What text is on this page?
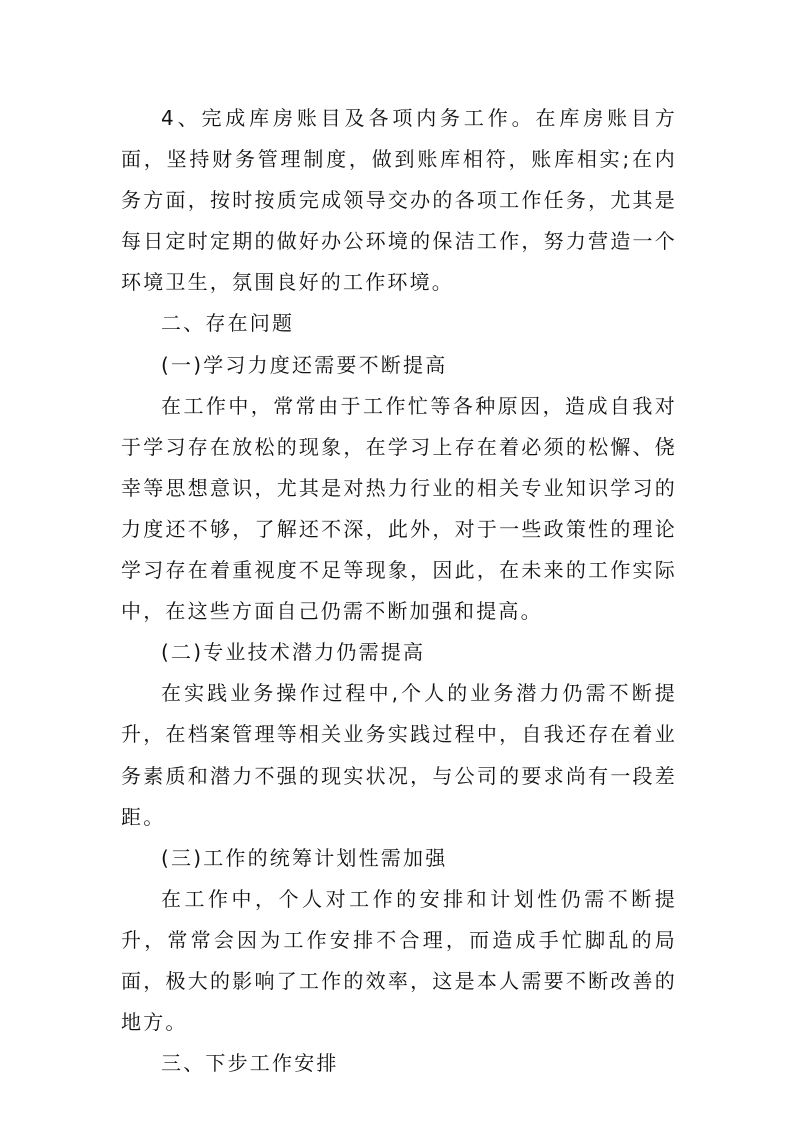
4、完成库房账目及各项内务工作。在库房账目方面，坚持财务管理制度，做到账库相符，账库相实;在内务方面，按时按质完成领导交办的各项工作任务，尤其是每日定时定期的做好办公环境的保洁工作，努力营造一个环境卫生，氛围良好的工作环境。

二、存在问题

(一)学习力度还需要不断提高

在工作中，常常由于工作忙等各种原因，造成自我对于学习存在放松的现象，在学习上存在着必须的松懈、侥幸等思想意识，尤其是对热力行业的相关专业知识学习的力度还不够，了解还不深，此外，对于一些政策性的理论学习存在着重视度不足等现象，因此，在未来的工作实际中，在这些方面自己仍需不断加强和提高。

(二)专业技术潜力仍需提高

在实践业务操作过程中,个人的业务潜力仍需不断提升，在档案管理等相关业务实践过程中，自我还存在着业务素质和潜力不强的现实状况，与公司的要求尚有一段差距。

(三)工作的统筹计划性需加强

在工作中，个人对工作的安排和计划性仍需不断提升，常常会因为工作安排不合理，而造成手忙脚乱的局面，极大的影响了工作的效率，这是本人需要不断改善的地方。

三、下步工作安排
